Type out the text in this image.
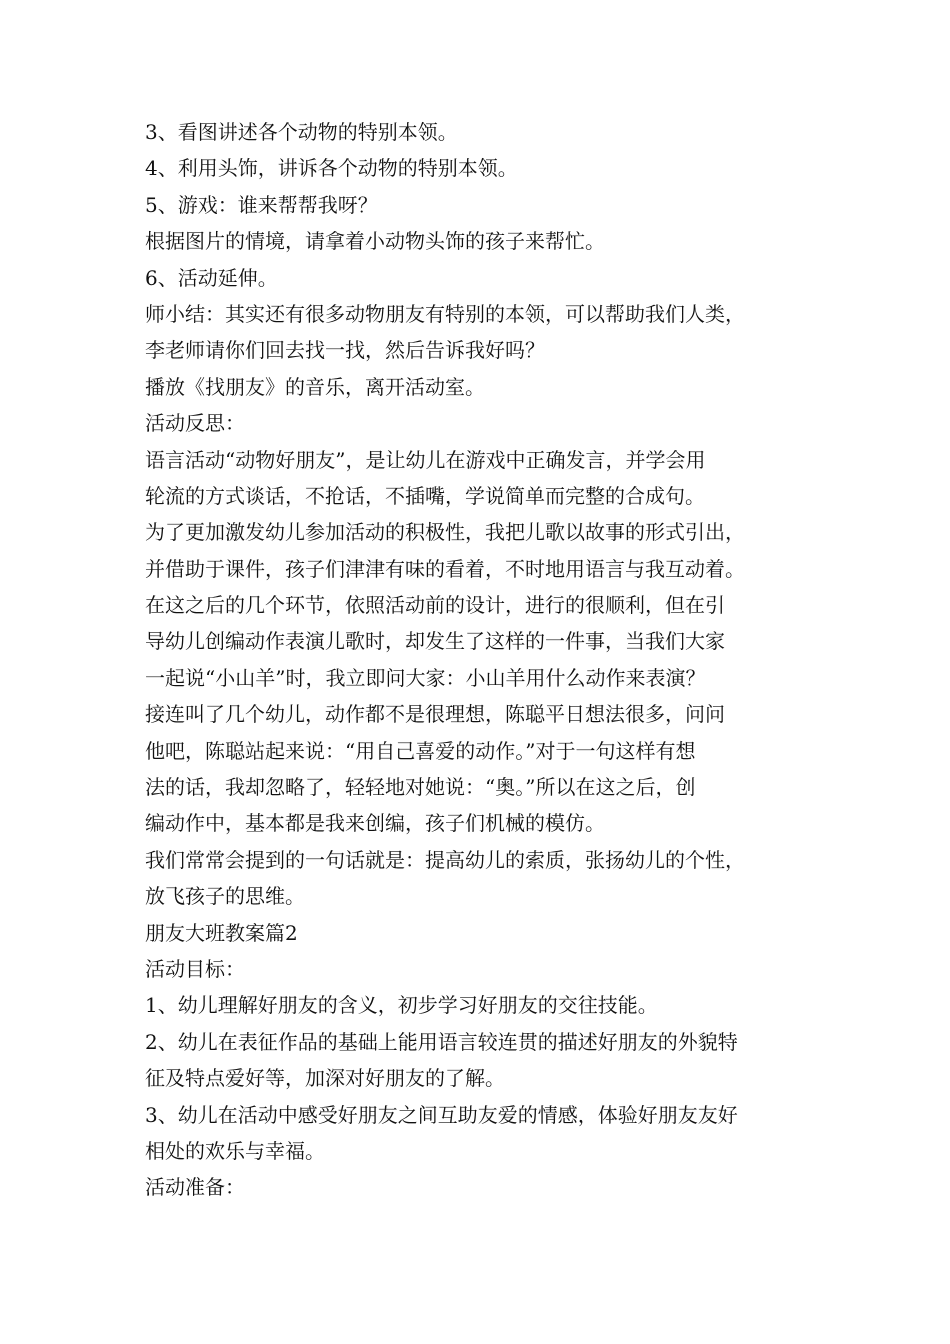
3、看图讲述各个动物的特别本领。
4、利用头饰，讲诉各个动物的特别本领。
5、游戏：谁来帮帮我呀？
根据图片的情境，请拿着小动物头饰的孩子来帮忙。
6、活动延伸。
师小结：其实还有很多动物朋友有特别的本领，可以帮助我们人类，
李老师请你们回去找一找，然后告诉我好吗？
播放《找朋友》的音乐，离开活动室。
活动反思：
语言活动“动物好朋友”，是让幼儿在游戏中正确发言，并学会用
轮流的方式谈话，不抢话，不插嘴，学说简单而完整的合成句。
为了更加激发幼儿参加活动的积极性，我把儿歌以故事的形式引出，
并借助于课件，孩子们津津有味的看着，不时地用语言与我互动着。
在这之后的几个环节，依照活动前的设计，进行的很顺利，但在引
导幼儿创编动作表演儿歌时，却发生了这样的一件事，当我们大家
一起说“小山羊”时，我立即问大家：小山羊用什么动作来表演？
接连叫了几个幼儿，动作都不是很理想，陈聪平日想法很多，问问
他吧，陈聪站起来说：“用自己喜爱的动作。”对于一句这样有想
法的话，我却忽略了，轻轻地对她说：“奥。”所以在这之后，创
编动作中，基本都是我来创编，孩子们机械的模仿。
我们常常会提到的一句话就是：提高幼儿的索质，张扬幼儿的个性，
放飞孩子的思维。
朋友大班教案篇2
活动目标：
1、幼儿理解好朋友的含义，初步学习好朋友的交往技能。
2、幼儿在表征作品的基础上能用语言较连贯的描述好朋友的外貌特
征及特点爱好等，加深对好朋友的了解。
3、幼儿在活动中感受好朋友之间互助友爱的情感，体验好朋友友好
相处的欢乐与幸福。
活动准备：
